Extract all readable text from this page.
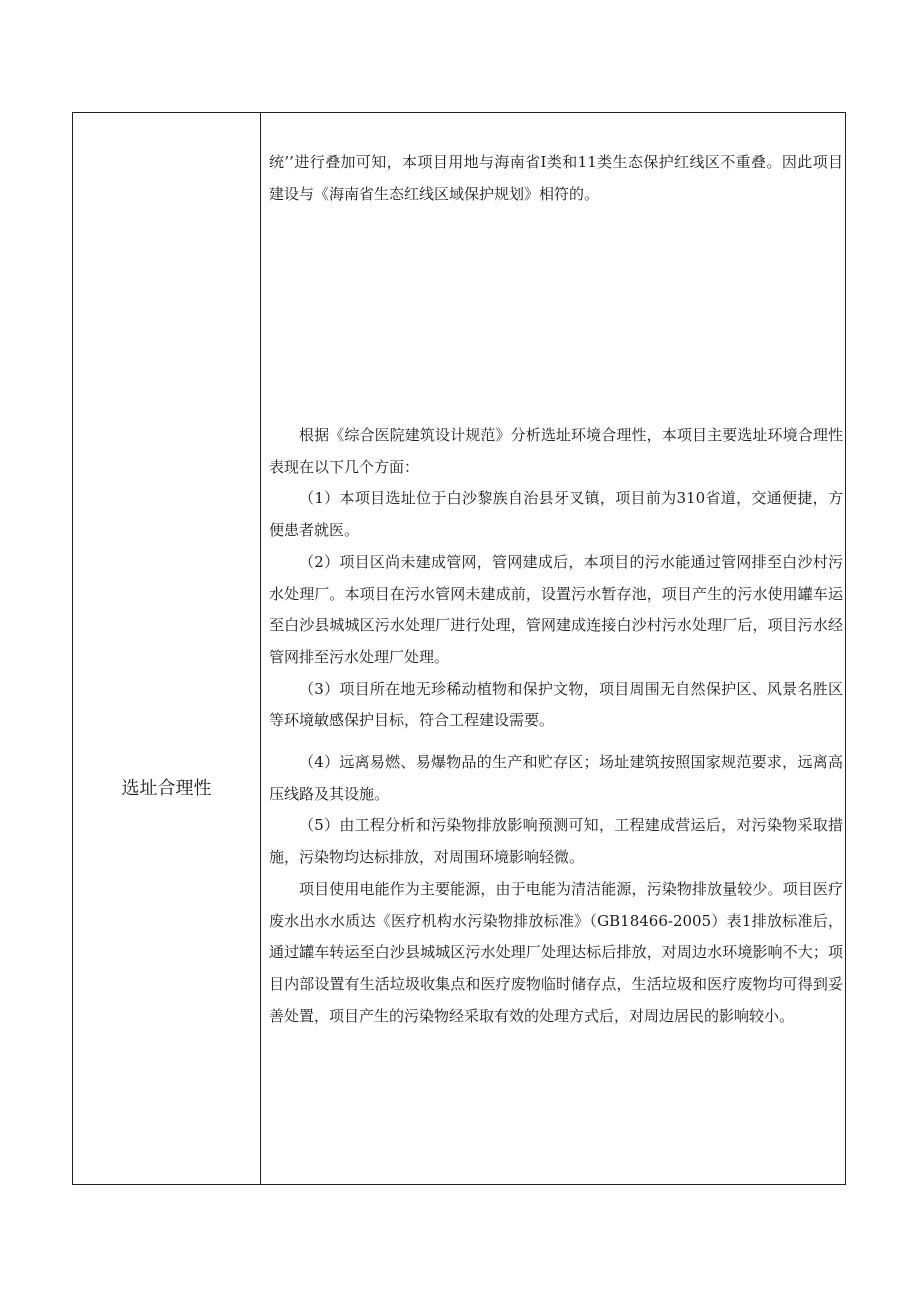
选址合理性

统’’进行叠加可知，本项目用地与海南省Ⅰ类和11类生态保护红线区不重叠。因此项目建设与《海南省生态红线区域保护规划》相符的。

根据《综合医院建筑设计规范》分析选址环境合理性，本项目主要选址环境合理性表现在以下几个方面：

（1）本项目选址位于白沙黎族自治县牙叉镇，项目前为310省道，交通便捷，方便患者就医。

（2）项目区尚未建成管网，管网建成后，本项目的污水能通过管网排至白沙村污水处理厂。本项目在污水管网未建成前，设置污水暂存池，项目产生的污水使用罐车运至白沙县城城区污水处理厂进行处理，管网建成连接白沙村污水处理厂后，项目污水经管网排至污水处理厂处理。

（3）项目所在地无珍稀动植物和保护文物，项目周围无自然保护区、风景名胜区等环境敏感保护目标，符合工程建设需要。

（4）远离易燃、易爆物品的生产和贮存区；场址建筑按照国家规范要求，远离高压线路及其设施。

（5）由工程分析和污染物排放影响预测可知，工程建成营运后，对污染物采取措施，污染物均达标排放，对周围环境影响轻微。

项目使用电能作为主要能源，由于电能为清洁能源，污染物排放量较少。项目医疗废水出水水质达《医疗机构水污染物排放标准》（GB18466-2005）表1排放标准后，通过罐车转运至白沙县城城区污水处理厂处理达标后排放，对周边水环境影响不大；项目内部设置有生活垃圾收集点和医疗废物临时储存点，生活垃圾和医疗废物均可得到妥善处置，项目产生的污染物经采取有效的处理方式后，对周边居民的影响较小。
